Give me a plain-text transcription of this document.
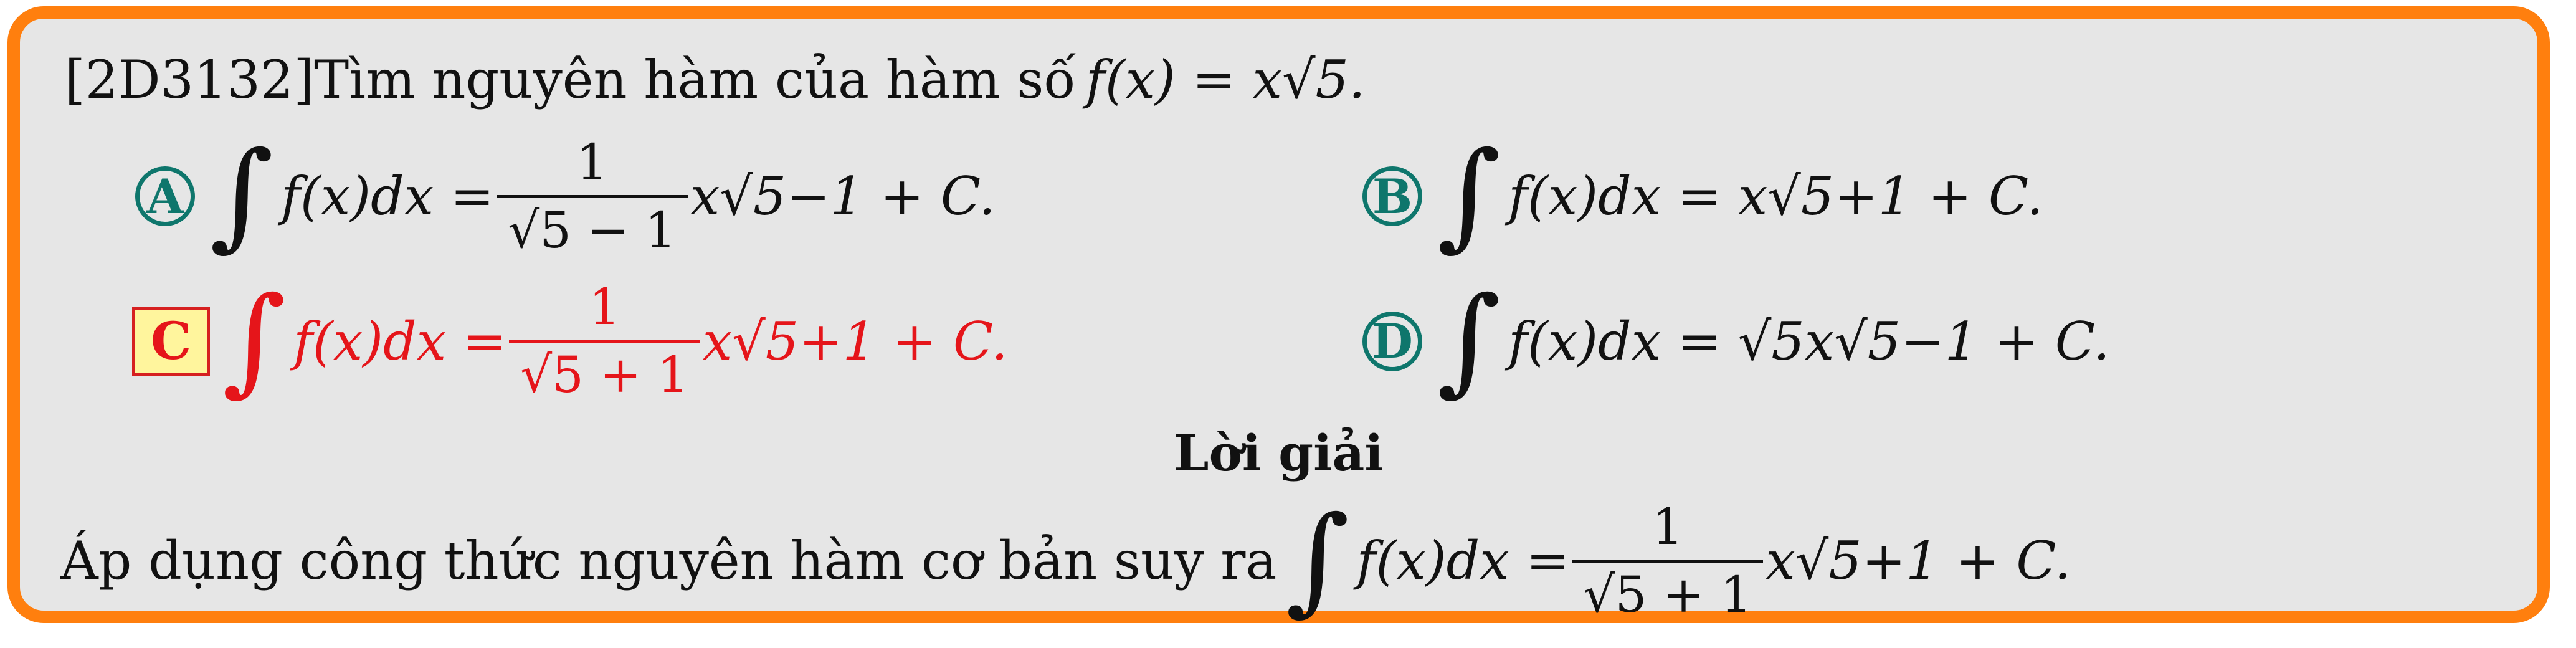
[2D3132] Tìm nguyên hàm của hàm số f(x) = x√5.
A ∫ $f(x)dx = \frac{1}{√5 - 1} x√5-1 + C$.	B ∫ f(x)dx = x√5+1 + C.
C ∫ $f(x)dx = \frac{1}{√5 + 1} x√5+1 + C$.	D ∫ f(x)dx = √5x√5−1 + C.
Lời giải
Áp dụng công thức nguyên hàm cơ bản suy ra ∫ $f(x)dx = \frac{1}{√5 + 1} x√5+1 + C$.
